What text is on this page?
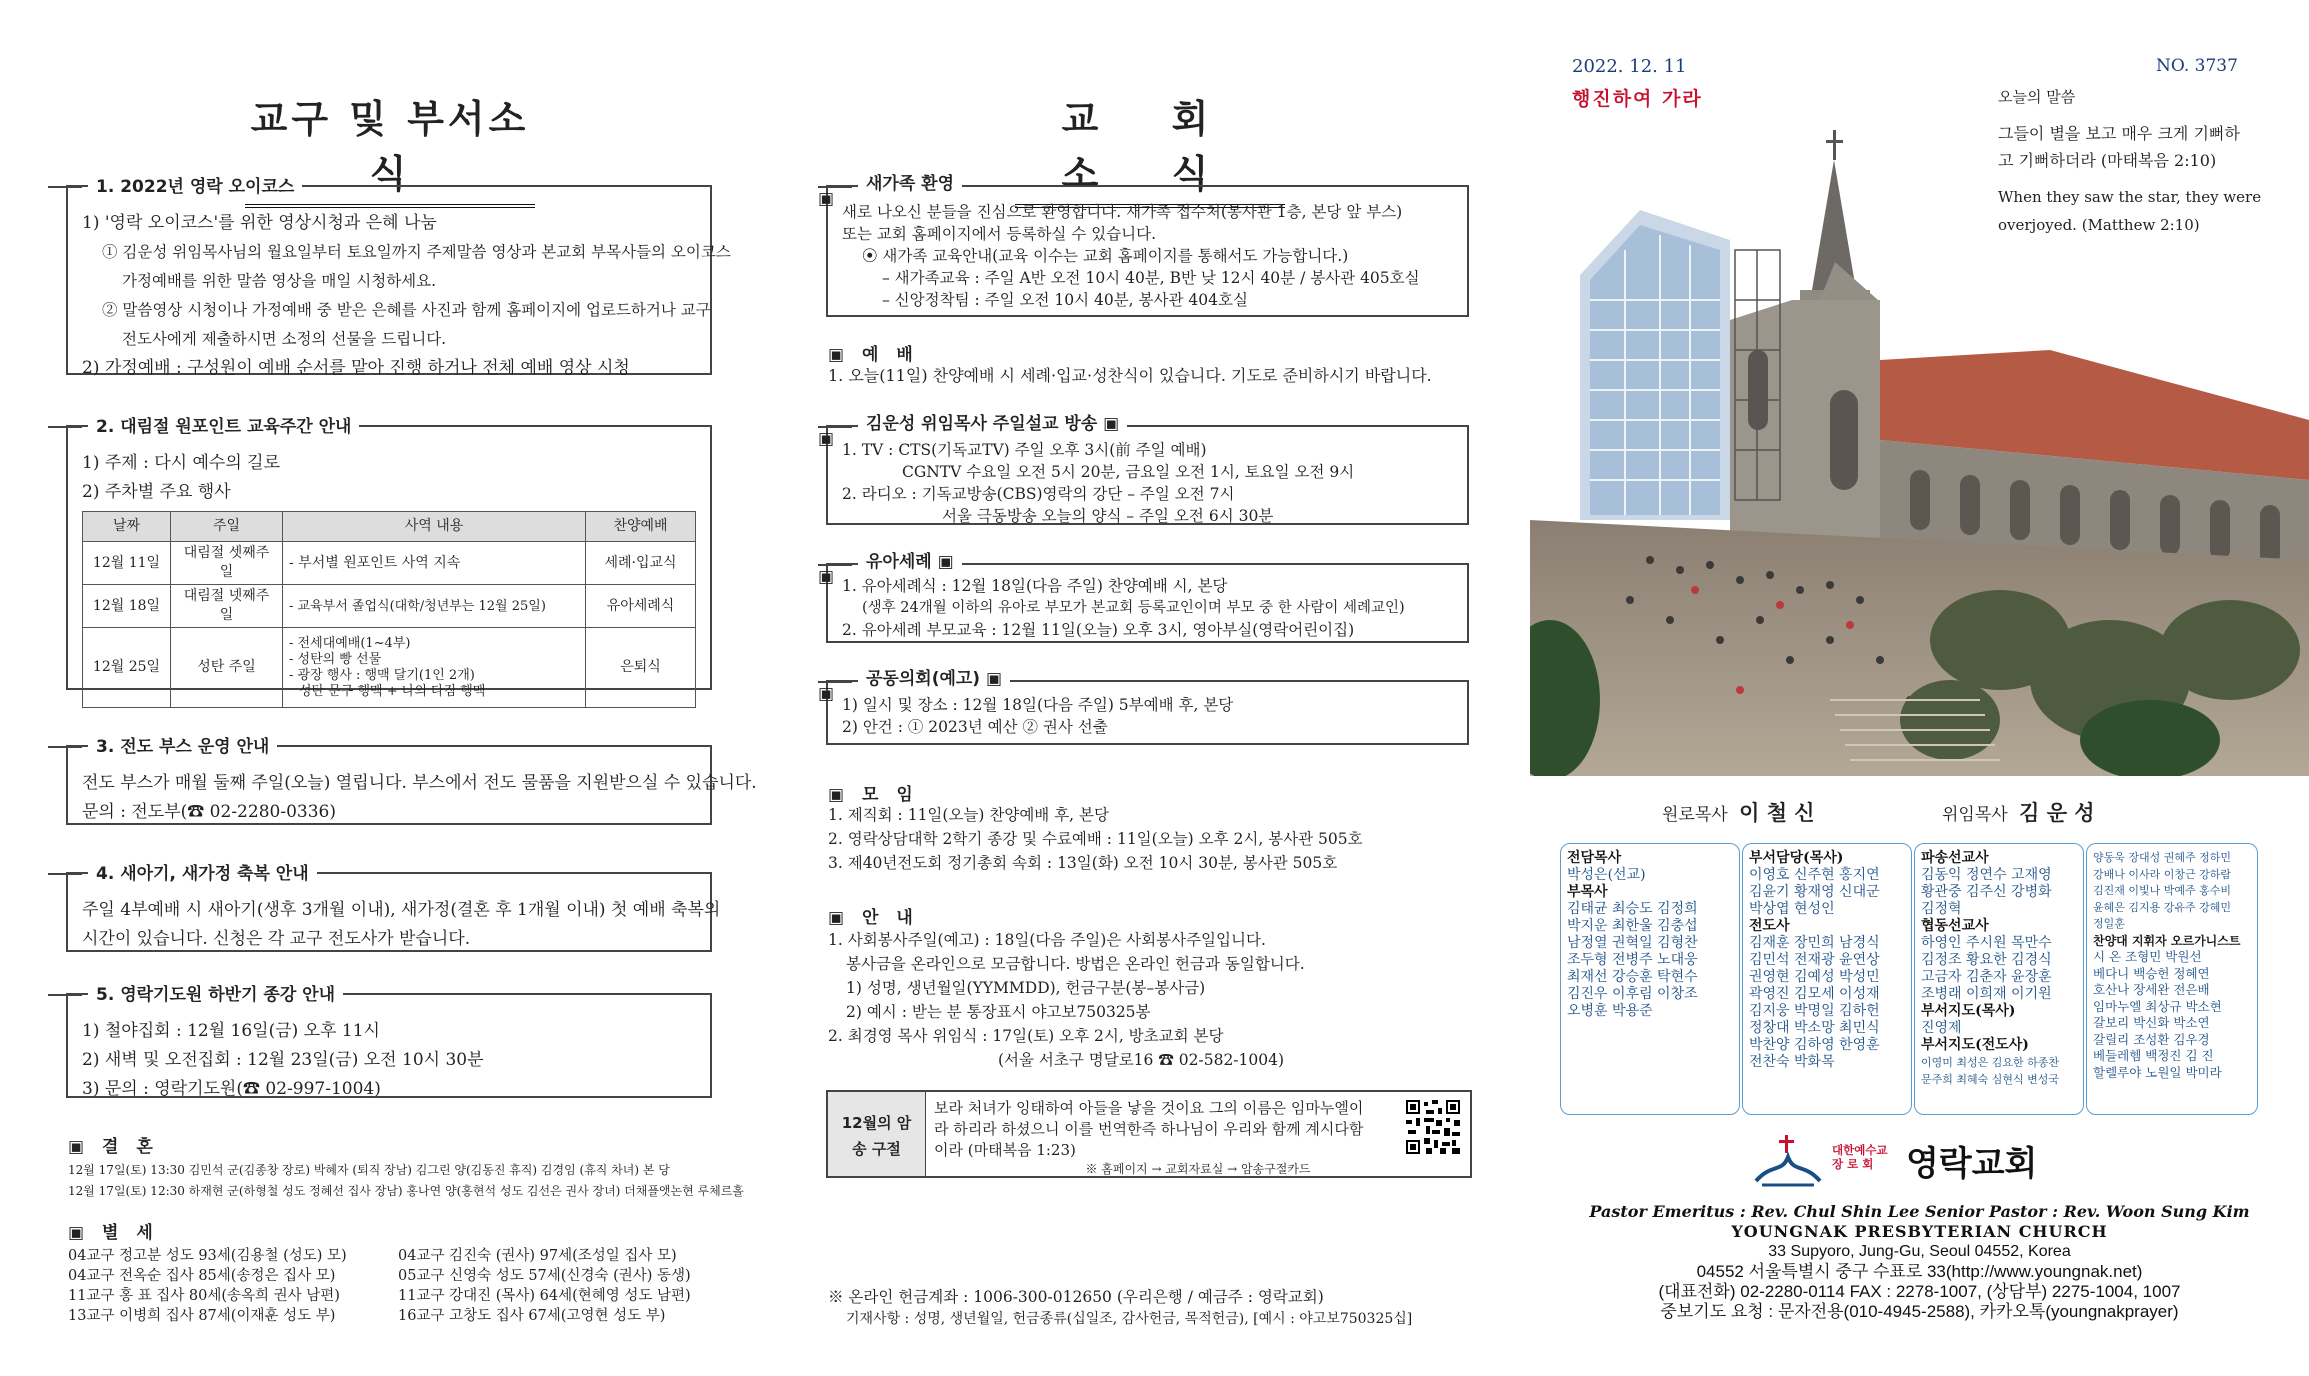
교구 및 부서소식
1. 2022년 영락 오이코스
1) '영락 오이코스'를 위한 영상시청과 은혜 나눔
① 김운성 위임목사님의 월요일부터 토요일까지 주제말씀 영상과 본교회 부목사들의 오이코스
가정예배를 위한 말씀 영상을 매일 시청하세요.
② 말씀영상 시청이나 가정예배 중 받은 은혜를 사진과 함께 홈페이지에 업로드하거나 교구
전도사에게 제출하시면 소정의 선물을 드립니다.
2) 가정예배 : 구성원이 예배 순서를 맡아 진행 하거나 전체 예배 영상 시청
2. 대림절 원포인트 교육주간 안내
1) 주제 : 다시 예수의 길로
2) 주차별 주요 행사
날짜	주일	사역 내용	찬양예배
12월 11일	대림절 셋째주일	- 부서별 원포인트 사역 지속	세례·입교식
12월 18일	대림절 넷째주일	- 교육부서 졸업식(대학/청년부는 12월 25일)	유아세례식
12월 25일	성탄 주일	- 전세대예배(1~4부)
- 성탄의 빵 선물
- 광장 행사 : 행맥 달기(1인 2개)
성탄 문구 행맥 + 나의 다짐 행맥	은퇴식
3. 전도 부스 운영 안내
전도 부스가 매월 둘째 주일(오늘) 열립니다. 부스에서 전도 물품을 지원받으실 수 있습니다.
문의 : 전도부(☎ 02-2280-0336)
4. 새아기, 새가정 축복 안내
주일 4부예배 시 새아기(생후 3개월 이내), 새가정(결혼 후 1개월 이내) 첫 예배 축복의
시간이 있습니다. 신청은 각 교구 전도사가 받습니다.
5. 영락기도원 하반기 종강 안내
1) 철야집회 : 12월 16일(금) 오후 11시
2) 새벽 및 오전집회 : 12월 23일(금) 오전 10시 30분
3) 문의 : 영락기도원(☎ 02-997-1004)
▣ 결 혼
12월 17일(토) 13:30 김민석 군(김종창 장로) 박혜자 (퇴직 장남) 김그린 양(김동진 휴직) 김경임 (휴직 차녀) 본 당
12월 17일(토) 12:30 하재현 군(하형철 성도 정혜선 집사 장남) 홍나연 양(홍현석 성도 김선은 권사 장녀) 더채플앳논현 루체르홀
▣ 별 세
04교구 정고분 성도 93세(김용철 (성도) 모)	04교구 김진숙 (권사) 97세(조성일 집사 모)
04교구 전옥순 집사 85세(송정은 집사 모)	05교구 신영숙 성도 57세(신경숙 (권사) 동생)
11교구 홍 표 집사 80세(송옥희 권사 남편)	11교구 강대진 (목사) 64세(현혜영 성도 남편)
13교구 이병희 집사 87세(이재훈 성도 부)	16교구 고창도 집사 67세(고영현 성도 부)
교 회 소 식
▣ 새가족 환영
새로 나오신 분들을 진심으로 환영합니다. 새가족 접수처(봉사관 1층, 본당 앞 부스)
또는 교회 홈페이지에서 등록하실 수 있습니다.
⦿ 새가족 교육안내(교육 이수는 교회 홈페이지를 통해서도 가능합니다.)
– 새가족교육 : 주일 A반 오전 10시 40분, B반 낮 12시 40분 / 봉사관 405호실
– 신앙정착팀 : 주일 오전 10시 40분, 봉사관 404호실
▣ 예 배
1. 오늘(11일) 찬양예배 시 세례·입교·성찬식이 있습니다. 기도로 준비하시기 바랍니다.
▣ 김운성 위임목사 주일설교 방송 ▣
1. TV : CTS(기독교TV) 주일 오후 3시(前 주일 예배)
CGNTV 수요일 오전 5시 20분, 금요일 오전 1시, 토요일 오전 9시
2. 라디오 : 기독교방송(CBS)영락의 강단 – 주일 오전 7시
서울 극동방송 오늘의 양식 – 주일 오전 6시 30분
▣ 유아세례 ▣
1. 유아세례식 : 12월 18일(다음 주일) 찬양예배 시, 본당
(생후 24개월 이하의 유아로 부모가 본교회 등록교인이며 부모 중 한 사람이 세례교인)
2. 유아세례 부모교육 : 12월 11일(오늘) 오후 3시, 영아부실(영락어린이집)
▣ 공동의회(예고) ▣
1) 일시 및 장소 : 12월 18일(다음 주일) 5부예배 후, 본당
2) 안건 : ① 2023년 예산 ② 권사 선출
▣ 모 임
1. 제직회 : 11일(오늘) 찬양예배 후, 본당
2. 영락상담대학 2학기 종강 및 수료예배 : 11일(오늘) 오후 2시, 봉사관 505호
3. 제40년전도회 정기총회 속회 : 13일(화) 오전 10시 30분, 봉사관 505호
▣ 안 내
1. 사회봉사주일(예고) : 18일(다음 주일)은 사회봉사주일입니다.
봉사금을 온라인으로 모금합니다. 방법은 온라인 헌금과 동일합니다.
1) 성명, 생년월일(YYMMDD), 헌금구분(봉–봉사금)
2) 예시 : 받는 분 통장표시 야고보750325봉
2. 최경영 목사 위임식 : 17일(토) 오후 2시, 방초교회 본당
(서울 서초구 명달로16 ☎ 02-582-1004)
12월의 암송 구절
보라 처녀가 잉태하여 아들을 낳을 것이요 그의 이름은 임마누엘이
라 하리라 하셨으니 이를 번역한즉 하나님이 우리와 함께 계시다함
이라 (마태복음 1:23)
※ 홈페이지 → 교회자료실 → 암송구절카드
※ 온라인 헌금계좌 : 1006-300-012650 (우리은행 / 예금주 : 영락교회)
기재사항 : 성명, 생년월일, 헌금종류(십일조, 감사헌금, 목적헌금), [예시 : 야고보750325십]
2022. 12. 11
행진하여 가라
NO. 3737
오늘의 말씀
그들이 별을 보고 매우 크게 기뻐하
고 기뻐하더라 (마태복음 2:10)
When they saw the star, they were
overjoyed. (Matthew 2:10)
원로목사 이 철 신	위임목사 김 운 성
전담목사
박성은(선교)
부목사
김태균 최승도 김정희
박지운 최한울 김충섭
남정열 권혁일 김형찬
조두형 전병주 노대웅
최재선 강승훈 탁현수
김진우 이후림 이창조
오병훈 박용준
부서담당(목사)
이영호 신주현 홍지연
김윤기 황재영 신대군
박상엽 현성인
전도사
김재훈 장민희 남경식
김민석 전재광 윤연상
권영현 김예성 박성민
곽영진 김모세 이성재
김지웅 박명일 김하헌
정창대 박소망 최민식
박찬양 김하영 한영훈
전찬숙 박화목
파송선교사
김동익 정연수 고재영
황관중 김주신 강병화
김정혁
협동선교사
하영인 주시원 목만수
김정조 황요한 김경식
고금자 김춘자 윤장훈
조병래 이희재 이기원
부서지도(목사)
진영제
부서지도(전도사)
이영미 최성은 김요한 하종찬
문주희 최혜숙 심현식 변성국
양동욱 장대성 권혜주 정하민
강배나 이사라 이창근 강하람
김진재 이빛나 박예주 홍수비
윤혜은 김지용 강유주 강혜민
정일훈
찬양대 지휘자 오르가니스트
시 온 조형민 박원선
베다니 백승헌 정혜연
호산나 장세완 전은배
임마누엘 최상규 박소현
갈보리 박신화 박소연
갈릴리 조성환 김우경
베들레헴 백정진 김 진
할렐루야 노원일 박미라
대한예수교
장 로 회 영락교회
Pastor Emeritus : Rev. Chul Shin Lee Senior Pastor : Rev. Woon Sung Kim
YOUNGNAK PRESBYTERIAN CHURCH
33 Supyoro, Jung-Gu, Seoul 04552, Korea
04552 서울특별시 중구 수표로 33(http://www.youngnak.net)
(대표전화) 02-2280-0114 FAX : 2278-1007, (상담부) 2275-1004, 1007
중보기도 요청 : 문자전용(010-4945-2588), 카카오톡(youngnakprayer)
